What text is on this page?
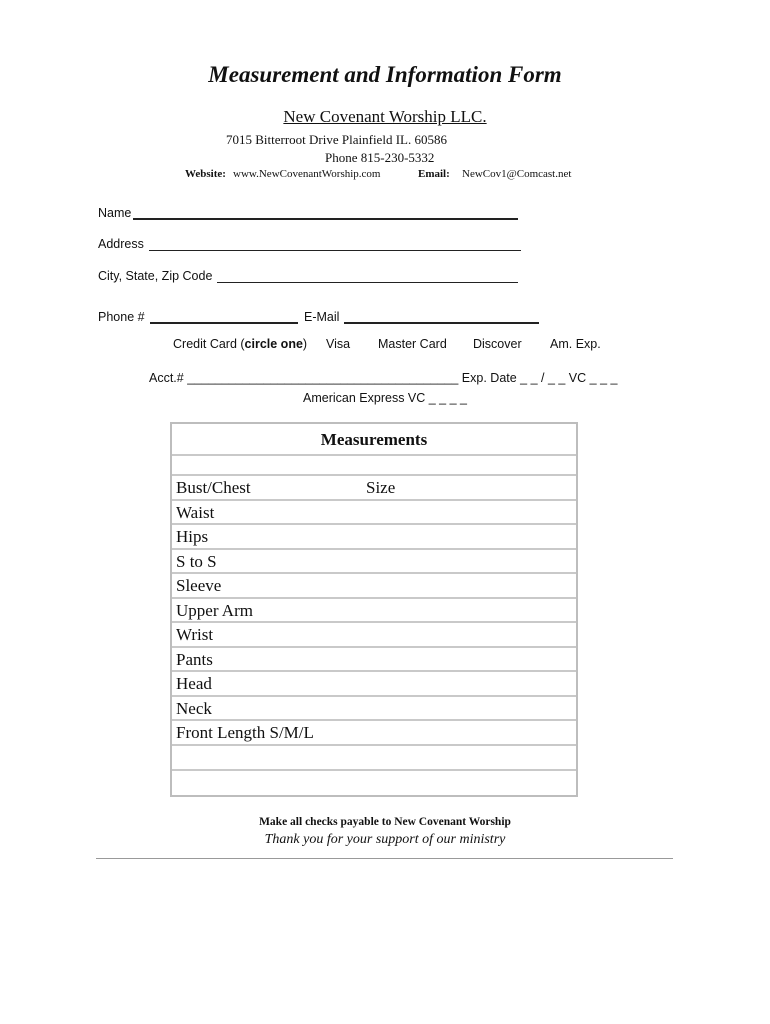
Measurement and Information Form
New Covenant Worship LLC.
7015 Bitterroot Drive Plainfield IL. 60586
Phone 815-230-5332
Website: www.NewCovenantWorship.com	Email: NewCov1@Comcast.net
Name
Address
City, State, Zip Code
Phone #	E-Mail
Credit Card (circle one) Visa Master Card Discover Am. Exp.
Acct.# _______________________________________ Exp. Date _ _ / _ _ VC _ _ _
American Express VC _ _ _ _
Measurements
Bust/Chest	Size
Waist
Hips
S to S
Sleeve
Upper Arm
Wrist
Pants
Head
Neck
Front Length S/M/L
Make all checks payable to New Covenant Worship
Thank you for your support of our ministry
